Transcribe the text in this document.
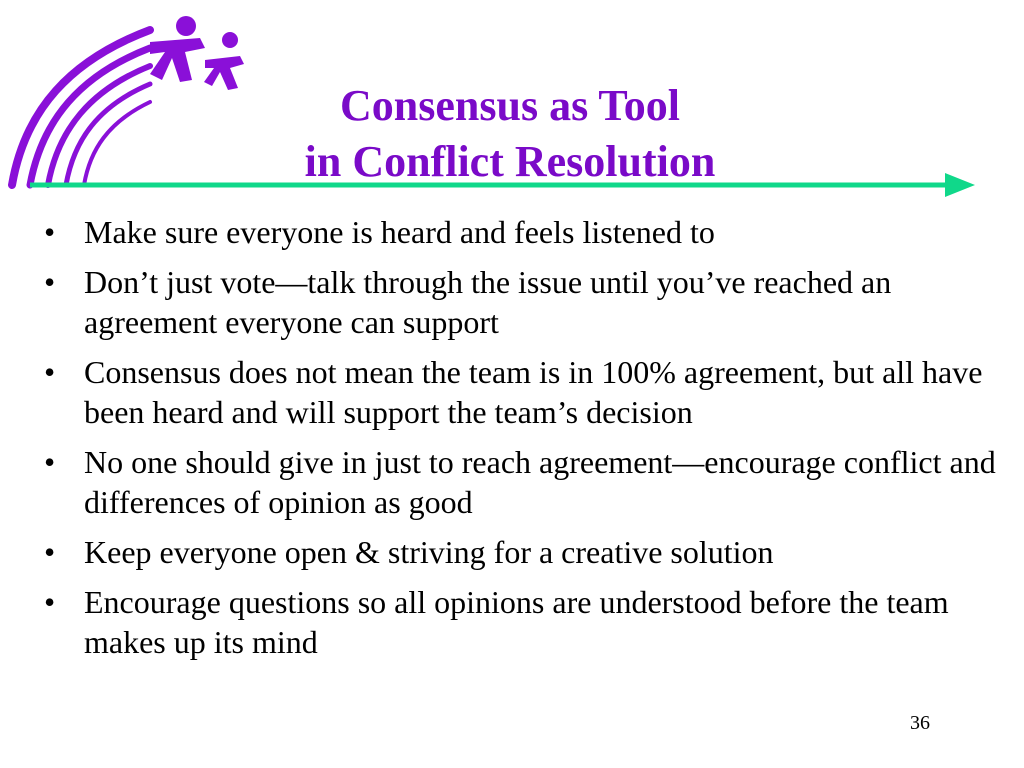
Consensus as Tool
in Conflict Resolution
• Make sure everyone is heard and feels listened to
• Don’t just vote—talk through the issue until you’ve reached an agreement everyone can support
• Consensus does not mean the team is in 100% agreement, but all have been heard and will support the team’s decision
• No one should give in just to reach agreement—encourage conflict and differences of opinion as good
• Keep everyone open & striving for a creative solution
• Encourage questions so all opinions are understood before the team makes up its mind
36
